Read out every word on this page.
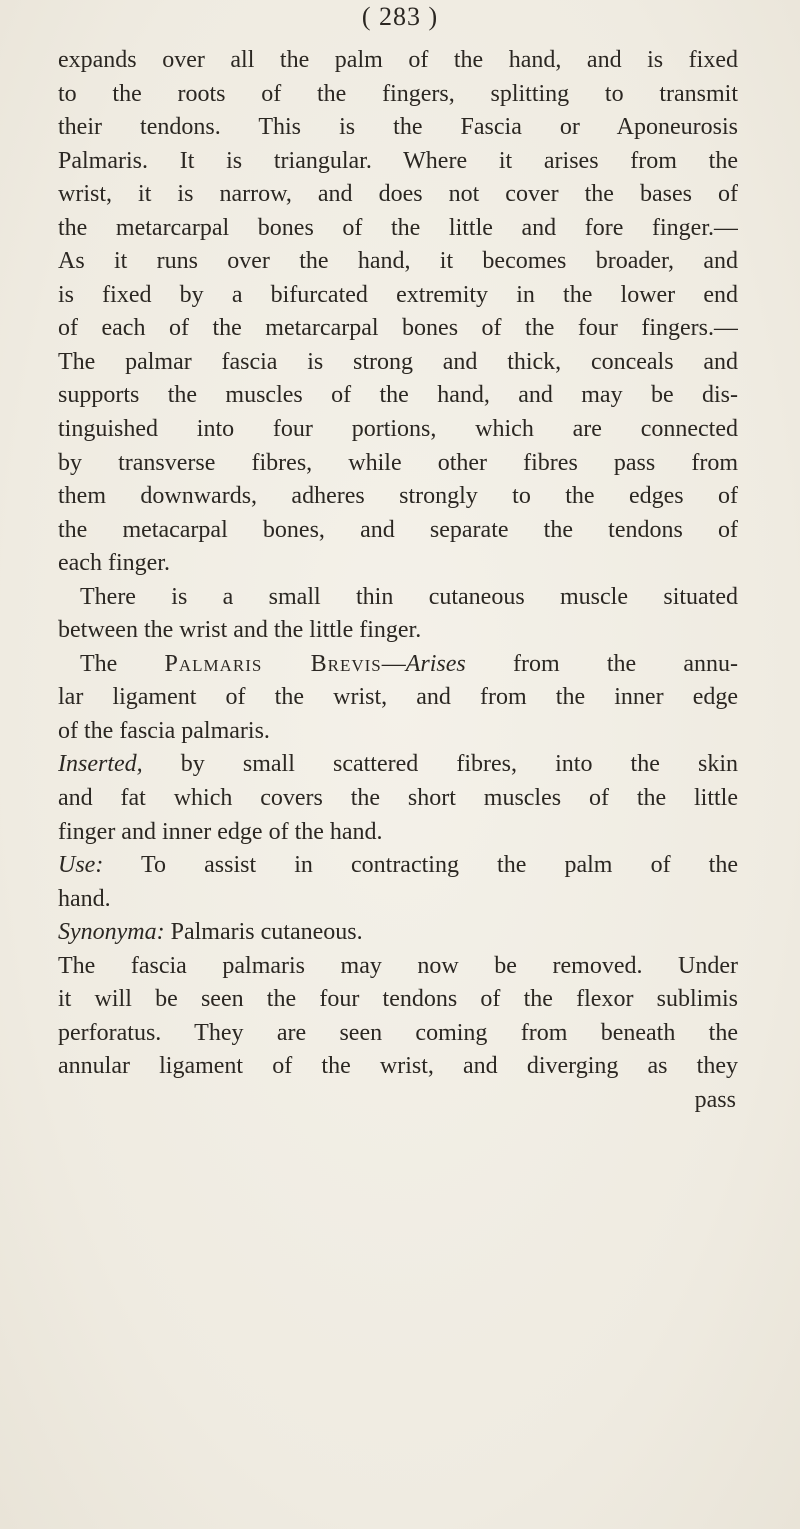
( 283 )
expands over all the palm of the hand, and is fixed
to the roots of the fingers, splitting to transmit
their tendons. This is the Fascia or Aponeurosis
Palmaris. It is triangular. Where it arises from the
wrist, it is narrow, and does not cover the bases of
the metarcarpal bones of the little and fore finger.—
As it runs over the hand, it becomes broader, and
is fixed by a bifurcated extremity in the lower end
of each of the metarcarpal bones of the four fingers.—
The palmar fascia is strong and thick, conceals and
supports the muscles of the hand, and may be dis-
tinguished into four portions, which are connected
by transverse fibres, while other fibres pass from
them downwards, adheres strongly to the edges of
the metacarpal bones, and separate the tendons of
each finger.
There is a small thin cutaneous muscle situated
between the wrist and the little finger.
The Palmaris Brevis—Arises from the annu-
lar ligament of the wrist, and from the inner edge
of the fascia palmaris.
Inserted, by small scattered fibres, into the skin
and fat which covers the short muscles of the little
finger and inner edge of the hand.
Use: To assist in contracting the palm of the
hand.
Synonyma: Palmaris cutaneous.
The fascia palmaris may now be removed. Under
it will be seen the four tendons of the flexor sublimis
perforatus. They are seen coming from beneath the
annular ligament of the wrist, and diverging as they
pass
